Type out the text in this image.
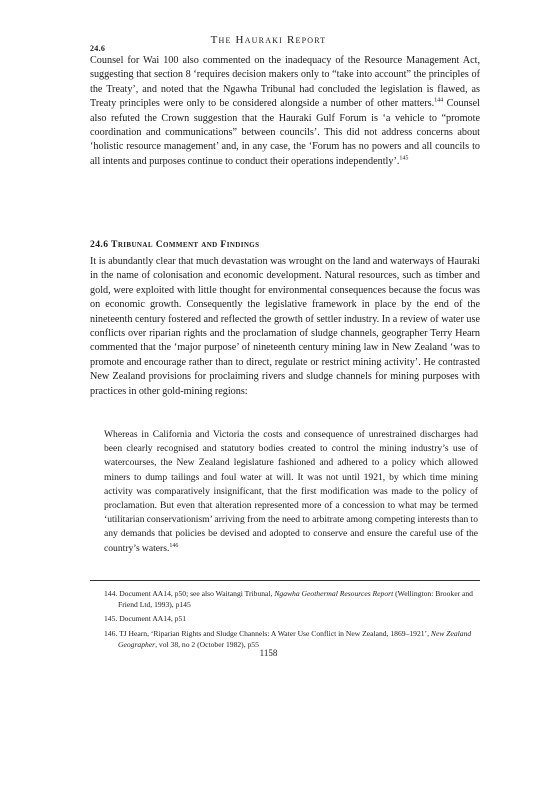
24.6
The Hauraki Report

Counsel for Wai 100 also commented on the inadequacy of the Resource Management Act, suggesting that section 8 ‘requires decision makers only to “take into account” the principles of the Treaty’, and noted that the Ngawha Tribunal had concluded the legislation is flawed, as Treaty principles were only to be considered alongside a number of other matters.$^{144}$ Counsel also refuted the Crown suggestion that the Hauraki Gulf Forum is ‘a vehicle to “promote coordination and communications” between councils’. This did not address concerns about ‘holistic resource management’ and, in any case, the ‘Forum has no powers and all councils to all intents and purposes continue to conduct their operations independently’.$^{145}$

24.6 Tribunal Comment and Findings

It is abundantly clear that much devastation was wrought on the land and waterways of Hauraki in the name of colonisation and economic development. Natural resources, such as timber and gold, were exploited with little thought for environmental consequences because the focus was on economic growth. Consequently the legislative framework in place by the end of the nineteenth century fostered and reflected the growth of settler industry. In a review of water use conflicts over riparian rights and the proclamation of sludge channels, geographer Terry Hearn commented that the ‘major purpose’ of nineteenth century mining law in New Zealand ‘was to promote and encourage rather than to direct, regulate or restrict mining activity’. He contrasted New Zealand provisions for proclaiming rivers and sludge channels for mining purposes with practices in other gold-mining regions:

Whereas in California and Victoria the costs and consequence of unrestrained discharges had been clearly recognised and statutory bodies created to control the mining industry’s use of watercourses, the New Zealand legislature fashioned and adhered to a policy which allowed miners to dump tailings and foul water at will. It was not until 1921, by which time mining activity was comparatively insignificant, that the first modification was made to the policy of proclamation. But even that alteration represented more of a concession to what may be termed ‘utilitarian conservationism’ arriving from the need to arbitrate among competing interests than to any demands that policies be devised and adopted to conserve and ensure the careful use of the country’s waters.$^{146}$

144. Document AA14, p50; see also Waitangi Tribunal, Ngawha Geothermal Resources Report (Wellington: Brooker and Friend Ltd, 1993), p145

145. Document AA14, p51

146. TJ Hearn, ‘Riparian Rights and Sludge Channels: A Water Use Conflict in New Zealand, 1869–1921’, New Zealand Geographer, vol 38, no 2 (October 1982), p55

1158
